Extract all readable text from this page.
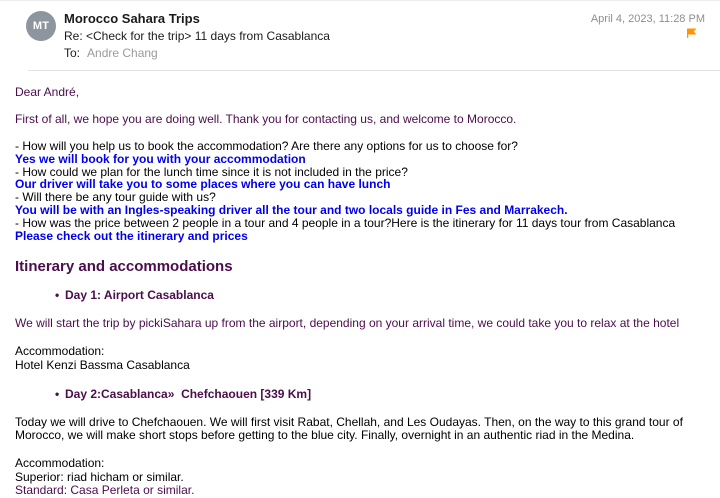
MT Morocco Sahara Trips
Re: <Check for the trip> 11 days from Casablanca
To: Andre Chang
April 4, 2023, 11:28 PM
Dear André,
First of all, we hope you are doing well. Thank you for contacting us, and welcome to Morocco.
- How will you help us to book the accommodation? Are there any options for us to choose for?
Yes we will book for you with your accommodation
- How could we plan for the lunch time since it is not included in the price?
Our driver will take you to some places where you can have lunch
- Will there be any tour guide with us?
You will be with an Ingles-speaking driver all the tour and two locals guide in Fes and Marrakech.
- How was the price between 2 people in a tour and 4 people in a tour?Here is the itinerary for 11 days tour from Casablanca
Please check out the itinerary and prices
Itinerary and accommodations
• Day 1: Airport Casablanca
We will start the trip by pickiSahara up from the airport, depending on your arrival time, we could take you to relax at the hotel
Accommodation:
Hotel Kenzi Bassma Casablanca
• Day 2:Casablanca»  Chefchaouen [339 Km]
Today we will drive to Chefchaouen. We will first visit Rabat, Chellah, and Les Oudayas. Then, on the way to this grand tour of Morocco, we will make short stops before getting to the blue city. Finally, overnight in an authentic riad in the Medina.
Accommodation:
Superior: riad hicham or similar.
Standard: Casa Perleta or similar.
